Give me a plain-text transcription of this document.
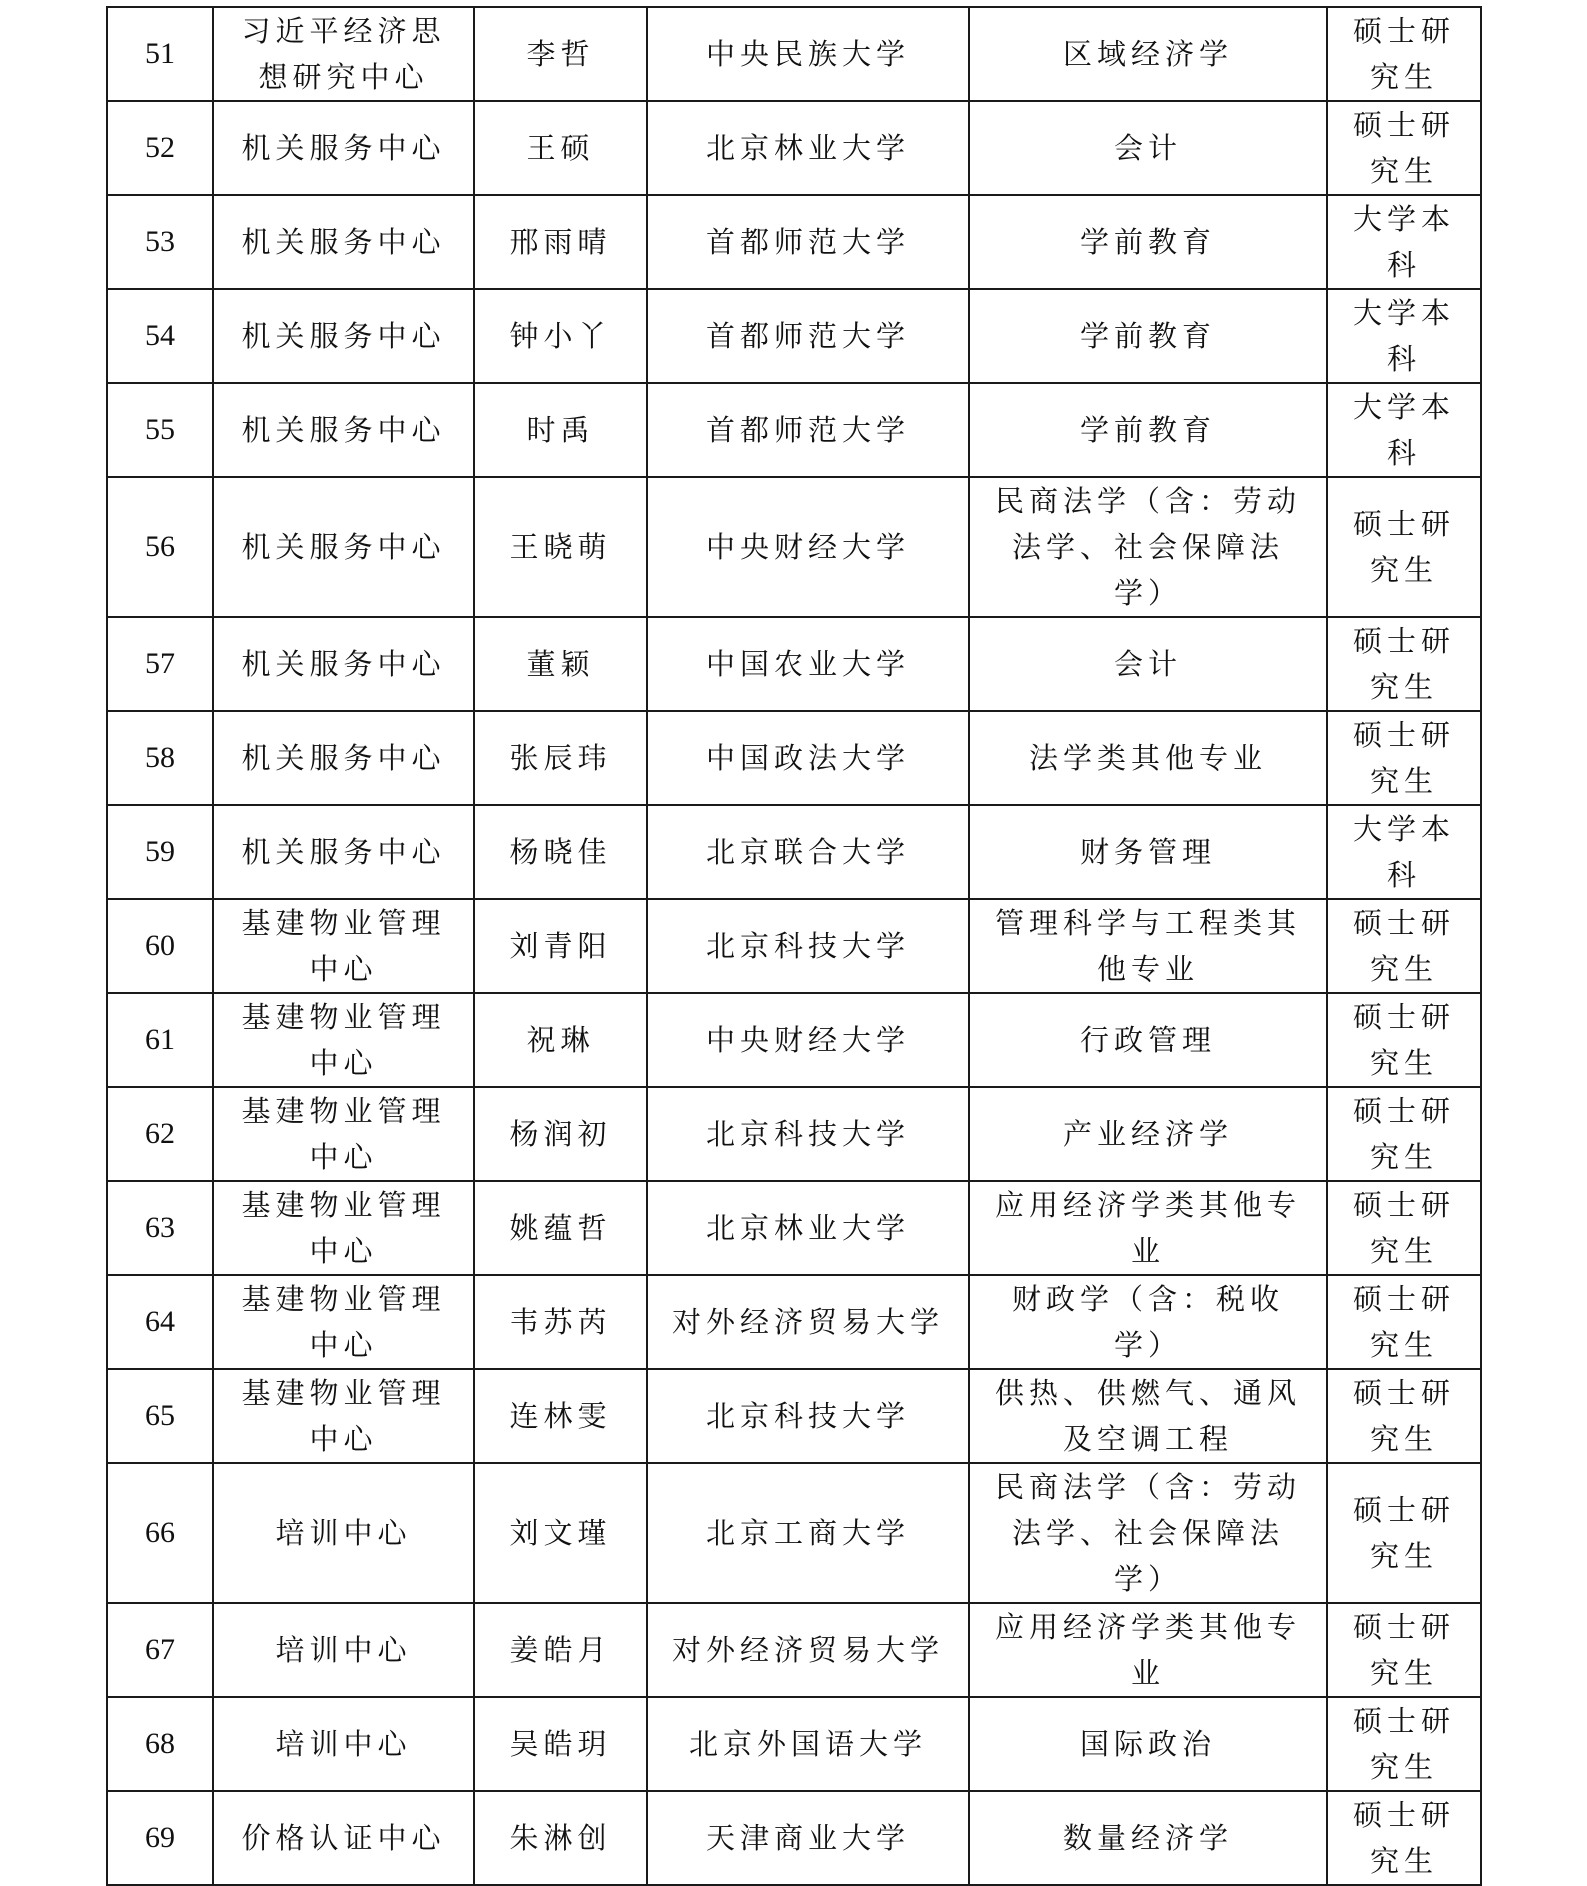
51	习近平经济思想研究中心	李哲	中央民族大学	区域经济学	硕士研究生
52	机关服务中心	王硕	北京林业大学	会计	硕士研究生
53	机关服务中心	邢雨晴	首都师范大学	学前教育	大学本科
54	机关服务中心	钟小丫	首都师范大学	学前教育	大学本科
55	机关服务中心	时禹	首都师范大学	学前教育	大学本科
56	机关服务中心	王晓萌	中央财经大学	民商法学（含：劳动法学、社会保障法学）	硕士研究生
57	机关服务中心	董颖	中国农业大学	会计	硕士研究生
58	机关服务中心	张辰玮	中国政法大学	法学类其他专业	硕士研究生
59	机关服务中心	杨晓佳	北京联合大学	财务管理	大学本科
60	基建物业管理中心	刘青阳	北京科技大学	管理科学与工程类其他专业	硕士研究生
61	基建物业管理中心	祝琳	中央财经大学	行政管理	硕士研究生
62	基建物业管理中心	杨润初	北京科技大学	产业经济学	硕士研究生
63	基建物业管理中心	姚蕴哲	北京林业大学	应用经济学类其他专业	硕士研究生
64	基建物业管理中心	韦苏芮	对外经济贸易大学	财政学（含：税收学）	硕士研究生
65	基建物业管理中心	连林雯	北京科技大学	供热、供燃气、通风及空调工程	硕士研究生
66	培训中心	刘文瑾	北京工商大学	民商法学（含：劳动法学、社会保障法学）	硕士研究生
67	培训中心	姜皓月	对外经济贸易大学	应用经济学类其他专业	硕士研究生
68	培训中心	吴皓玥	北京外国语大学	国际政治	硕士研究生
69	价格认证中心	朱淋创	天津商业大学	数量经济学	硕士研究生
